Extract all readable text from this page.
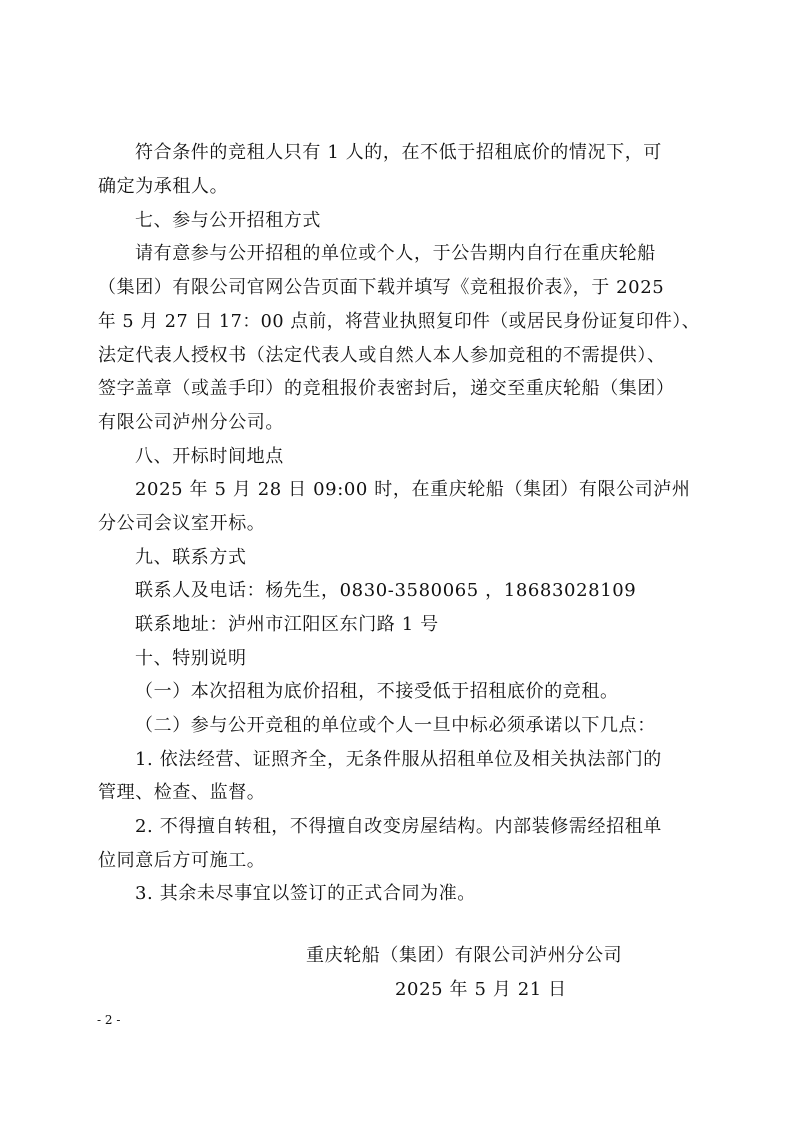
符合条件的竞租人只有 1 人的，在不低于招租底价的情况下，可
确定为承租人。
七、参与公开招租方式
请有意参与公开招租的单位或个人，于公告期内自行在重庆轮船
（集团）有限公司官网公告页面下载并填写《竞租报价表》，于 2025
年 5 月 27 日 17：00 点前，将营业执照复印件（或居民身份证复印件）、
法定代表人授权书（法定代表人或自然人本人参加竞租的不需提供）、
签字盖章（或盖手印）的竞租报价表密封后，递交至重庆轮船（集团）
有限公司泸州分公司。
八、开标时间地点
2025 年 5 月 28 日 09:00 时，在重庆轮船（集团）有限公司泸州
分公司会议室开标。
九、联系方式
联系人及电话：杨先生，0830-3580065 ，18683028109
联系地址：泸州市江阳区东门路 1 号
十、特别说明
（一）本次招租为底价招租，不接受低于招租底价的竞租。
（二）参与公开竞租的单位或个人一旦中标必须承诺以下几点：
1. 依法经营、证照齐全，无条件服从招租单位及相关执法部门的
管理、检查、监督。
2. 不得擅自转租，不得擅自改变房屋结构。内部装修需经招租单
位同意后方可施工。
3. 其余未尽事宜以签订的正式合同为准。
重庆轮船（集团）有限公司泸州分公司
2025 年 5 月 21 日
- 2 -
